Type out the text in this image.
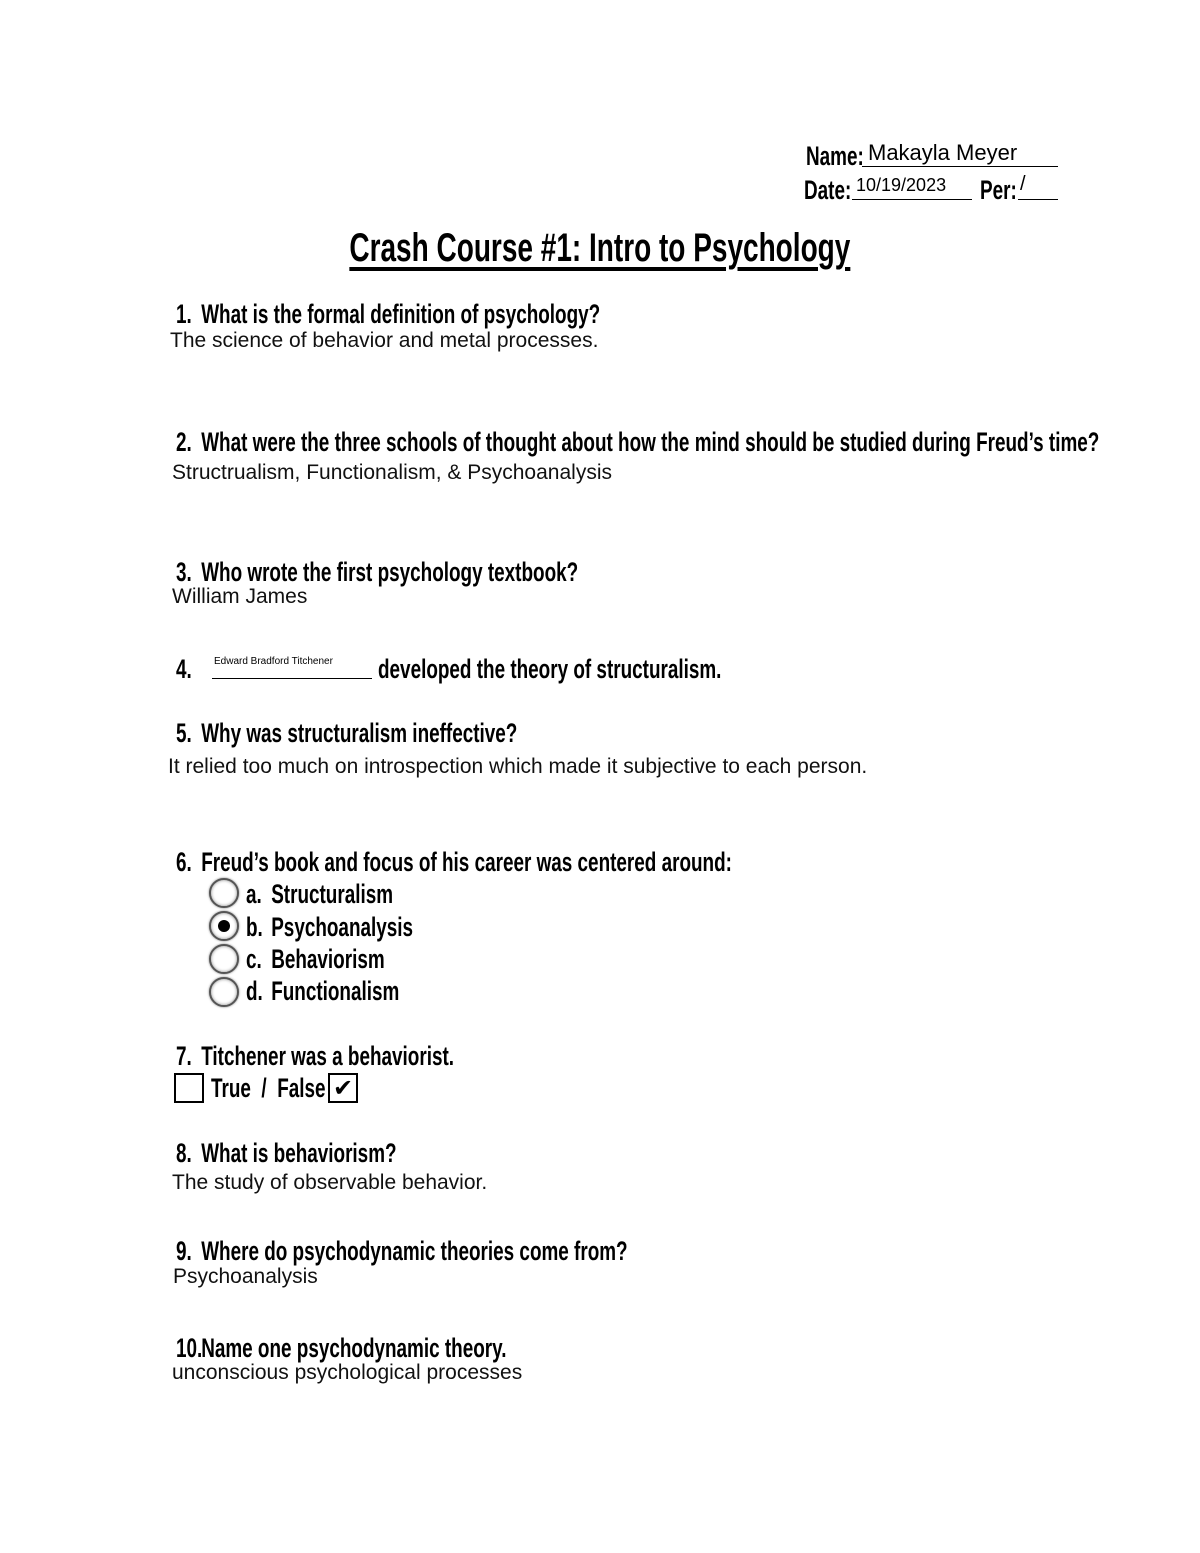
Name: Makayla Meyer
Date: 10/19/2023 Per: /
Crash Course #1: Intro to Psychology
1. What is the formal definition of psychology?
The science of behavior and metal processes.
2. What were the three schools of thought about how the mind should be studied during Freud’s time?
Structrualism, Functionalism, & Psychoanalysis
3. Who wrote the first psychology textbook?
William James
4.	Edward Bradford Titchener developed the theory of structuralism.
5. Why was structuralism ineffective?
It relied too much on introspection which made it subjective to each person.
6. Freud’s book and focus of his career was centered around:
a. Structuralism
b. Psychoanalysis
c. Behaviorism
d. Functionalism
7. Titchener was a behaviorist.
True / False ✔
8. What is behaviorism?
The study of observable behavior.
9. Where do psychodynamic theories come from?
Psychoanalysis
10.Name one psychodynamic theory.
unconscious psychological processes
